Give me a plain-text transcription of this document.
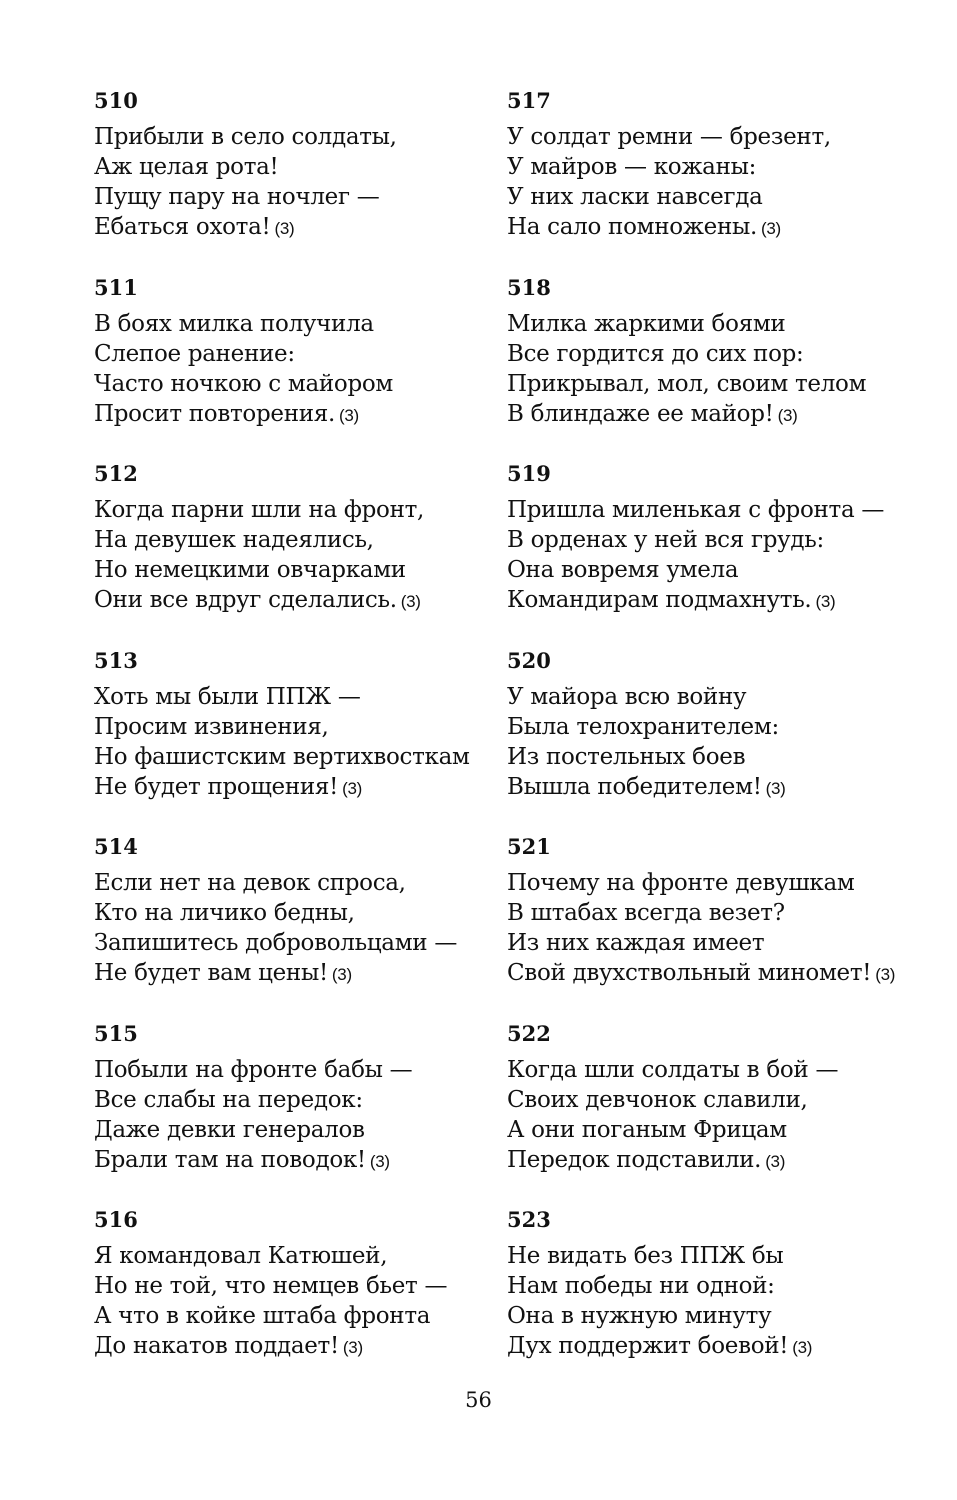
510
Прибыли в село солдаты,
Аж целая рота!
Пущу пару на ночлег —
Ебаться охота! (3)
511
В боях милка получила
Слепое ранение:
Часто ночкою с майором
Просит повторения. (3)
512
Когда парни шли на фронт,
На девушек надеялись,
Но немецкими овчарками
Они все вдруг сделались. (3)
513
Хоть мы были ППЖ —
Просим извинения,
Но фашистским вертихвосткам
Не будет прощения! (3)
514
Если нет на девок спроса,
Кто на личико бедны,
Запишитесь добровольцами —
Не будет вам цены! (3)
515
Побыли на фронте бабы —
Все слабы на передок:
Даже девки генералов
Брали там на поводок! (3)
516
Я командовал Катюшей,
Но не той, что немцев бьет —
А что в койке штаба фронта
До накатов поддает! (3)
517
У солдат ремни — брезент,
У майров — кожаны:
У них ласки навсегда
На сало помножены. (3)
518
Милка жаркими боями
Все гордится до сих пор:
Прикрывал, мол, своим телом
В блиндаже ее майор! (3)
519
Пришла миленькая с фронта —
В орденах у ней вся грудь:
Она вовремя умела
Командирам подмахнуть. (3)
520
У майора всю войну
Была телохранителем:
Из постельных боев
Вышла победителем! (3)
521
Почему на фронте девушкам
В штабах всегда везет?
Из них каждая имеет
Свой двухствольный миномет! (3)
522
Когда шли солдаты в бой —
Своих девчонок славили,
А они поганым Фрицам
Передок подставили. (3)
523
Не видать без ППЖ бы
Нам победы ни одной:
Она в нужную минуту
Дух поддержит боевой! (3)
56
